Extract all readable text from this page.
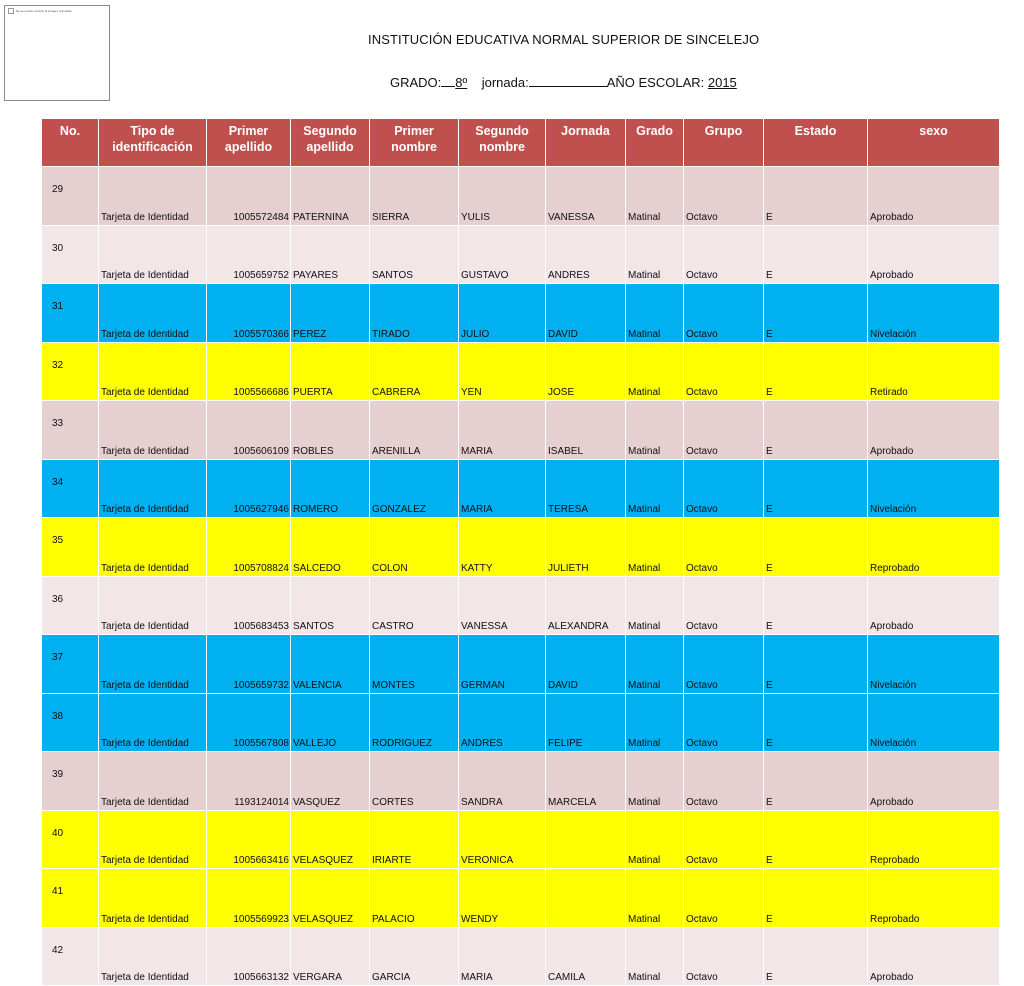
No se puede mostrar la imagen vinculada.
INSTITUCIÓN EDUCATIVA NORMAL SUPERIOR DE SINCELEJO
GRADO: 8º jornada:	AÑO ESCOLAR: 2015
No.	Tipo de identificación	Primer apellido	Segundo apellido	Primer nombre	Segundo nombre	Jornada	Grado	Grupo	Estado	sexo
29	Tarjeta de Identidad	1005572484	PATERNINA	SIERRA	YULIS	VANESSA	Matinal	Octavo	E	Aprobado
30	Tarjeta de Identidad	1005659752	PAYARES	SANTOS	GUSTAVO	ANDRES	Matinal	Octavo	E	Aprobado
31	Tarjeta de Identidad	1005570366	PEREZ	TIRADO	JULIO	DAVID	Matinal	Octavo	E	Nivelación
32	Tarjeta de Identidad	1005566686	PUERTA	CABRERA	YEN	JOSE	Matinal	Octavo	E	Retirado
33	Tarjeta de Identidad	1005606109	ROBLES	ARENILLA	MARIA	ISABEL	Matinal	Octavo	E	Aprobado
34	Tarjeta de Identidad	1005627946	ROMERO	GONZALEZ	MARIA	TERESA	Matinal	Octavo	E	Nivelación
35	Tarjeta de Identidad	1005708824	SALCEDO	COLON	KATTY	JULIETH	Matinal	Octavo	E	Reprobado
36	Tarjeta de Identidad	1005683453	SANTOS	CASTRO	VANESSA	ALEXANDRA	Matinal	Octavo	E	Aprobado
37	Tarjeta de Identidad	1005659732	VALENCIA	MONTES	GERMAN	DAVID	Matinal	Octavo	E	Nivelación
38	Tarjeta de Identidad	1005567808	VALLEJO	RODRIGUEZ	ANDRES	FELIPE	Matinal	Octavo	E	Nivelación
39	Tarjeta de Identidad	1193124014	VASQUEZ	CORTES	SANDRA	MARCELA	Matinal	Octavo	E	Aprobado
40	Tarjeta de Identidad	1005663416	VELASQUEZ	IRIARTE	VERONICA		Matinal	Octavo	E	Reprobado
41	Tarjeta de Identidad	1005569923	VELASQUEZ	PALACIO	WENDY		Matinal	Octavo	E	Reprobado
42	Tarjeta de Identidad	1005663132	VERGARA	GARCIA	MARIA	CAMILA	Matinal	Octavo	E	Aprobado
